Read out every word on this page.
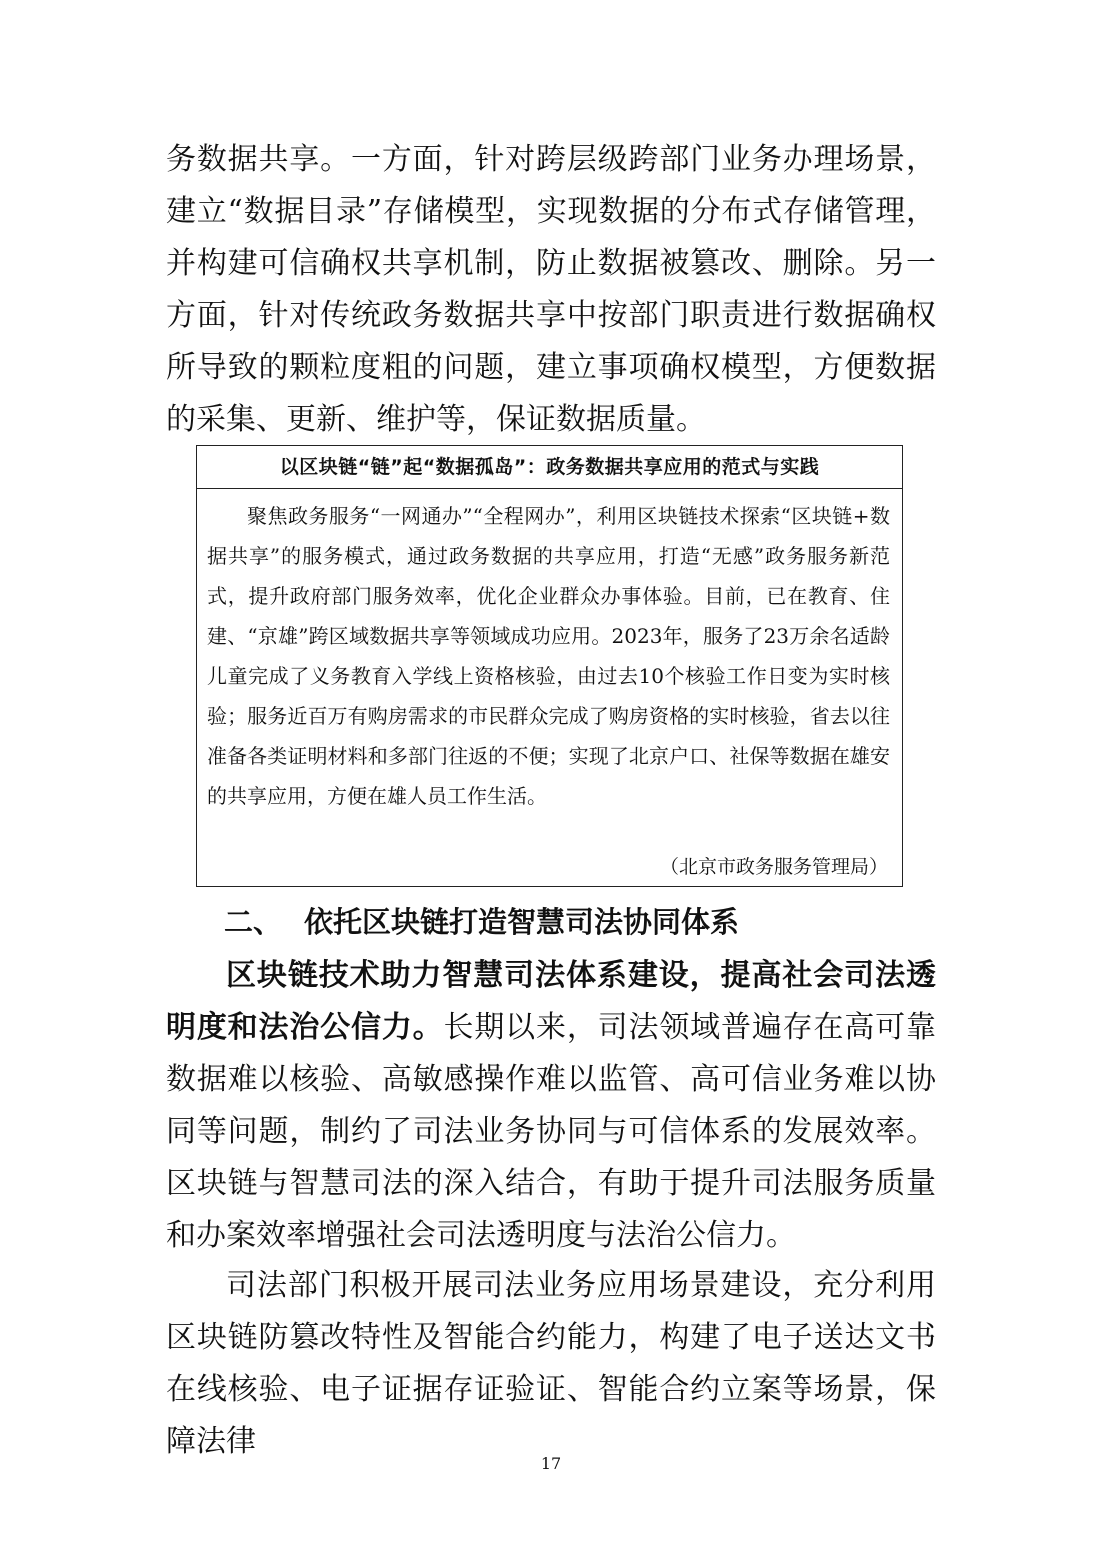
务数据共享。一方面，针对跨层级跨部门业务办理场景，建立“数据目录”存储模型，实现数据的分布式存储管理，并构建可信确权共享机制，防止数据被篡改、删除。另一方面，针对传统政务数据共享中按部门职责进行数据确权所导致的颗粒度粗的问题，建立事项确权模型，方便数据的采集、更新、维护等，保证数据质量。

以区块链“链”起“数据孤岛”：政务数据共享应用的范式与实践

聚焦政务服务“一网通办”“全程网办”，利用区块链技术探索“区块链+数据共享”的服务模式，通过政务数据的共享应用，打造“无感”政务服务新范式，提升政府部门服务效率，优化企业群众办事体验。目前，已在教育、住建、“京雄”跨区域数据共享等领域成功应用。2023年，服务了23万余名适龄儿童完成了义务教育入学线上资格核验，由过去10个核验工作日变为实时核验；服务近百万有购房需求的市民群众完成了购房资格的实时核验，省去以往准备各类证明材料和多部门往返的不便；实现了北京户口、社保等数据在雄安的共享应用，方便在雄人员工作生活。

（北京市政务服务管理局）

二、 依托区块链打造智慧司法协同体系

区块链技术助力智慧司法体系建设，提高社会司法透明度和法治公信力。长期以来，司法领域普遍存在高可靠数据难以核验、高敏感操作难以监管、高可信业务难以协同等问题，制约了司法业务协同与可信体系的发展效率。区块链与智慧司法的深入结合，有助于提升司法服务质量和办案效率增强社会司法透明度与法治公信力。

司法部门积极开展司法业务应用场景建设，充分利用区块链防篡改特性及智能合约能力，构建了电子送达文书在线核验、电子证据存证验证、智能合约立案等场景，保障法律

17
